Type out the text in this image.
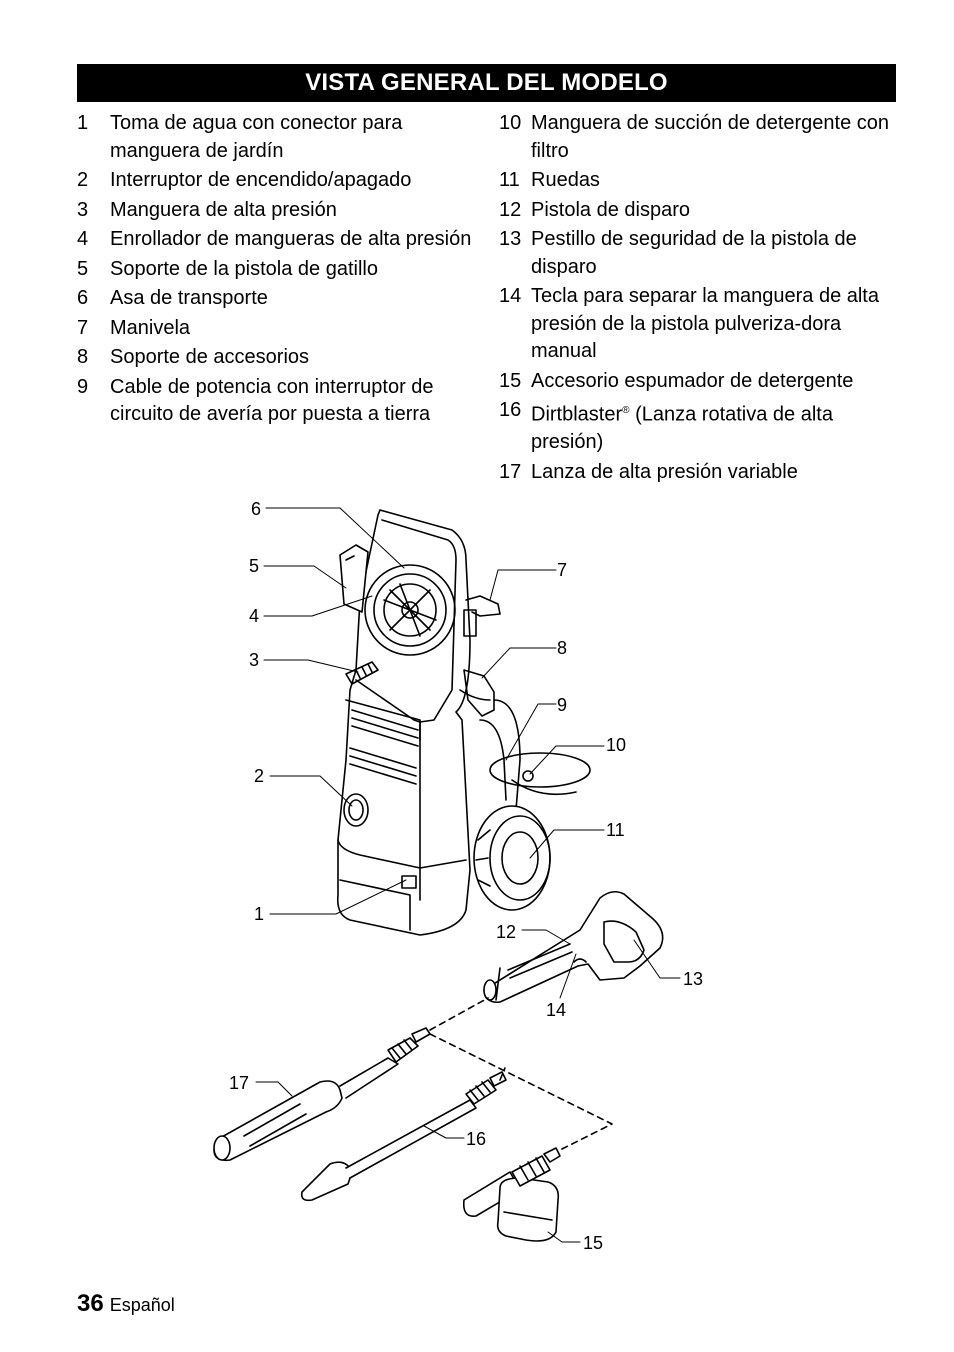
VISTA GENERAL DEL MODELO
1	Toma de agua con conector para manguera de jardín
2	Interruptor de encendido/apagado
3	Manguera de alta presión
4	Enrollador de mangueras de alta presión
5	Soporte de la pistola de gatillo
6	Asa de transporte
7	Manivela
8	Soporte de accesorios
9	Cable de potencia con interruptor de circuito de avería por puesta a tierra
10 Manguera de succión de detergente con filtro
11 Ruedas
12 Pistola de disparo
13 Pestillo de seguridad de la pistola de disparo
14 Tecla para separar la manguera de alta presión de la pistola pulveriza-dora manual
15 Accesorio espumador de detergente
16 Dirtblaster® (Lanza rotativa de alta presión)
17 Lanza de alta presión variable
6
5
4
3
7
8
9
10
2
11
1
12
13
14
17
16
15
36 Español
